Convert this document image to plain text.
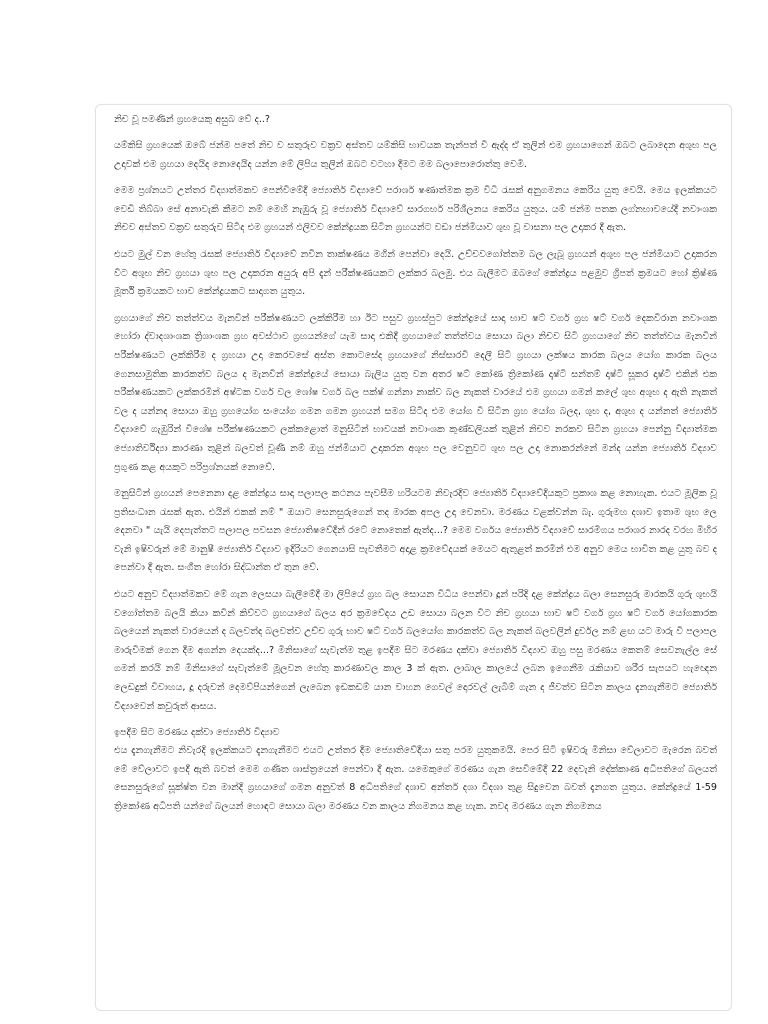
නිච වූ පම​ණින් ග්‍රහයෙකු අසුබ වේ ද..?

යම්කිසි ග්‍රහයෙක් ඔබේ ජන්ම පතේ නිච ව සතුරුව වක්‍රව අස්තව යම්කිසි භාවයක තැන්පත් වී ඇද්ද ඒ තුලින් එම ග්‍රහයාගෙන් ඔබට ලබාදෙන අශුභ පල උදාවක් එම ග්‍රහයා දෙයිද නොදෙයිද යන්න මේ ලිපිය තුලින් ඔබට වටහා දීමට මම බලාපොරොත්තු වෙමි.

මෙම ප්‍රශ්නයට උත්තර විද්‍යාත්මකව පෙන්වීමේදී ජ්‍යොතිර් විද්‍යාවේ පරාශර් ෂණාත්මක ක්‍රම විධි රැසක් අනුගමනය කෙරිය යුතු වෙයි. මෙය ඉලක්කයට වෙඩි තිබ්බා සේ අනාවැකි කීමට නම් මෙහි නැඹුරු වූ ජ්‍යොතිර් විද්‍යාවේ සාරගර්භ පරිශීලනය කෙරිය යුතුය. යම් ජන්ම පතක ලග්නභාවයේදී නවාංශක නිචව අස්තව වක්‍රව සතුරුව සිටීද එම ග්‍රහයන් ඵලිවව කේන්ද්‍රයක සිටින ග්‍රහයන්ට වඩා ජන්මියාව ශුභ වූ වාසනා පල උදාකර දී ඇත.

එයට මුල් වන හේතු රැසක් ජ්‍යොතිර් විද්‍යාවේ නවීන තාක්ෂණය මගින් පෙන්වා දෙයි. උච්චවගෝත්තම බල ලැබූ ග්‍රහයන් අශුභ පල ජන්මියාට උදාකරන විට අශුභ නිච ග්‍රහයා ශුභ පල උදාකරන අයුරු අපි දැන් පරීක්ෂණයකට ලක්කර බලමු. එය බැලීමට ඔබගේ කේන්ද්‍රය පළමුව ග්‍රිපත් ක්‍රමයට හෝ ක්‍රිෂ්ණ මූර්ති ක්‍රමයකට භාව කේන්ද්‍රයකට සාදාගත යුතුය.

ග්‍රහයාගේ නිච තත්ත්වය මැනවින් පරීක්ෂණයට ලක්කිරීම හා ඊට පසුව ග්‍රහස්පුට කේන්ද්‍රයේ සාදා භාව ෂට් වගර් ග්‍රහ ෂට් වගර් දෙකවිරාන නවාංශක හෝරා ද්වාදශාංශක ත්‍රිශාංශක ග්‍රහ අවස්ථාව ග්‍රහයන්ගේ යැම සාදා එකිදී ග්‍රහයාගේ තත්ත්වය සොයා බලා නිචව සිටි ග්‍රහයාගේ නිච තත්ත්වය මැනවින් පරීක්ෂණයට ලක්කිරීම ද ග්‍රහයා උදා කෙරවසේ අස්ත කොටසේද ග්‍රහයාගේ නිස්සාරවී දෙලී සිටි ග්‍රහයා ලක්ෂය කාරක බලය යෝග කාරක බලය ගෙනසාමුතික කාරකත්ව බලය ද මැනවින් කේන්ද්‍රයේ සොයා බැලිය යුතු වන අතර ෂට් කෝණ ත්‍රිකෝණ දෘෂ්ටි සන්තම් දෘෂ්ටි සූකර දෘෂ්ටි එකින් එක පරීක්ෂණයකට ලක්කරමින් අෂ්ටක වගර් වල ශෝෂ වගර් බල පක්ෂ් ගන්නා නාක්ව බල නැකත් වාරයේ එම ග්‍රහයා ගමන් කලේ ශුභ අශුභ ද ඇති නැකත් වල ද යන්නද සොයා ඔහු ග්‍රහයෝග සංයෝග ගමන ගමන ග්‍රහයන් සමග සිටීද එම යෝග වී සිටින ග්‍රහ යෝග බලද, ශුභ ද, අශුභ ද යන්නත් ජ්‍යොතිර් විද්‍යාවේ ගැඹුරින් විශේෂ පරීක්ෂණයකට ලක්කළොත් මනුසිටින් භාවයක් නවාංශක කුණ්ඩලියක් තුළින් නිචව නරකව සිටින ග්‍රහයා පෙන්නු විද්‍යාත්මක ජ්‍යොතිර්විද්‍යා කාරණා තුළින් බලවත් වූණී නම් ඔහු ජන්මියාට උදාකරන අශුභ පල වෙනුවට ශුභ පල උදා නොකරන්නේ මන්ද යන්න ජ්‍යොතිර් විද්‍යාව ප්‍රගුණ කළ අයකුට පරිප්‍රශ්නයක් නොවේ.

මනුසිටින් ග්‍රහයන් පෙනෙනා දළ කේන්ද්‍රය සාදා පලාපල කථනය පැවසීම හරියටම නිවැරදිව ජ්‍යොතිර් විද්‍යාවේදියකුට ප්‍රකාශ කළ නොහැක. එයට මූලික වූ ප්‍රතිසංධාන රැසක් ඇත. එයින් එකක් නම් " ඔයාට සෙනසුරුගෙන් තද මාරක අපල උදා වෙනවා. මරණය වළක්වන්න බැ. ගුරුමහ දශාව ඉතාම ශුභ ලෙ දෙනවා " යැයි දෙපැත්තට පලාපල පවසන ජ්‍යොතිෂවේදීන් රටේ නොතෙක් ඇත්ද...? මෙම වර්ගය ජ්‍යොතිර් විද්‍යාවේ සාරමීගය පරාශර නාරද වරහ මිහිර වැනි ඉෂිවරුන් මේ මානුෂී ජ්‍යොතිර් විද්‍යාව ඉදිරියට ගෙනයාසි පැවතීමට අදාළ ක්‍රමවේදයක් මෙයට ඇතුළත් කරමින් එම අනුව මෙය භාවිත කළ යුතු බව ද පෙන්වා දී ඇත. සංගීත හෝරා සිද්ධාන්ත ඒ තුන වේ.

එයට අනුව විද්‍යාත්මකව මේ ගැන ලෙසයා බැලීමේදී මා ලිපියේ ග්‍රහ බල සොයන විධිය පෙන්වා දූන් පරිදි දළ කේන්ද්‍රය බලා සෙනසුරු මාරකයි ගුරු ශුභයි වගෝත්තම බලයි කියා කවින් කිව්වට ග්‍රහයාගේ බලය අර ක්‍රමවේදය උඩ සොයා බලන විට නිච ග්‍රහයා භාව ෂට් වගර් ග්‍රහ ෂට් වගර් යෝගකාරක බලයෙන් නැකත් වාරයෙන් ද බලවත්ද බලවත්ව උච්ච ගුරු භාව ෂට් වගර් බලයෝග කාරකත්ව බල නැකත් බලවලින් දුර්වල නම් ළඟ යට මාරු වී පලාපල මාරුවීමක් ගෙන දීම අගන්න දෙයක්ද...? මිනිසාගේ සැවැත්ම තුළ ඉපදීම සිට මරණය දක්වා ජ්‍යොතිර් විද්‍යාව ඔහු පසු මරණය කෙතම් සෙවනැල්ල සේ ගමන් කරයි නම් මිනිසාගේ සැවැත්මේ මූලවන හේතු කාරණාවල කාල 3 ක් ඇත. ලාබාල කාලයේ ලබන ඉගෙනීම රැකියාව ශරීර සැපයට හැඥෙන ලෙඩදුක් විවාහය, දූ දරුවන් දෙමව්පියන්ගෙන් ලැබෙන ඉඩකඩම් යාන වාහන ගෙවල් දොරවල් ලැබීම් ගැන ද ජීවත්ව සිටින කාලය දැනගැනීමට ජ්‍යොතිර් විද්‍යාවෙන් කවුරුත් ආසය.

ඉපදීම සිට මරණය දක්වා ජ්‍යොතිර් විද්‍යාව

එය දැනගැනීමට නිවැරදි ඉලක්කයට දැනගැනීමට එයට උත්තර දීම ජ්‍යොතිවේදීයා සතු පරම යුතුකමයි. පෙර සිටි ඉෂිවරු මිනිසා වේලාවට මැරෙන බවත් මේ වේලාවට ඉපදී ඇති බවත් මෙම ගණිත ශාස්ත්‍රයෙන් පෙන්වා දී ඇත. යමෙකුගේ මරණය ගැන සෙවීමේදී 22 දෙවැනි දේක්කාණ අධිපතිගේ බලයත් සෙනසුරුගේ සූක්ෂ්ත වන මාන්දි ග්‍රහයාගේ ගමන අනුවත් 8 අධිපතිගේ දශාව අන්තර් දශා විදශා තුළ සිදුවෙන බවත් දැනගත යුතුය. කේන්ද්‍රයේ 1-59 ත්‍රිකෝණ අධිපති යන්ගේ බලයන් හොඳට සොයා බලා මරණය වන කාලය නිගමනය කළ හැක. නවද මරණය ගැන නිගමනය
